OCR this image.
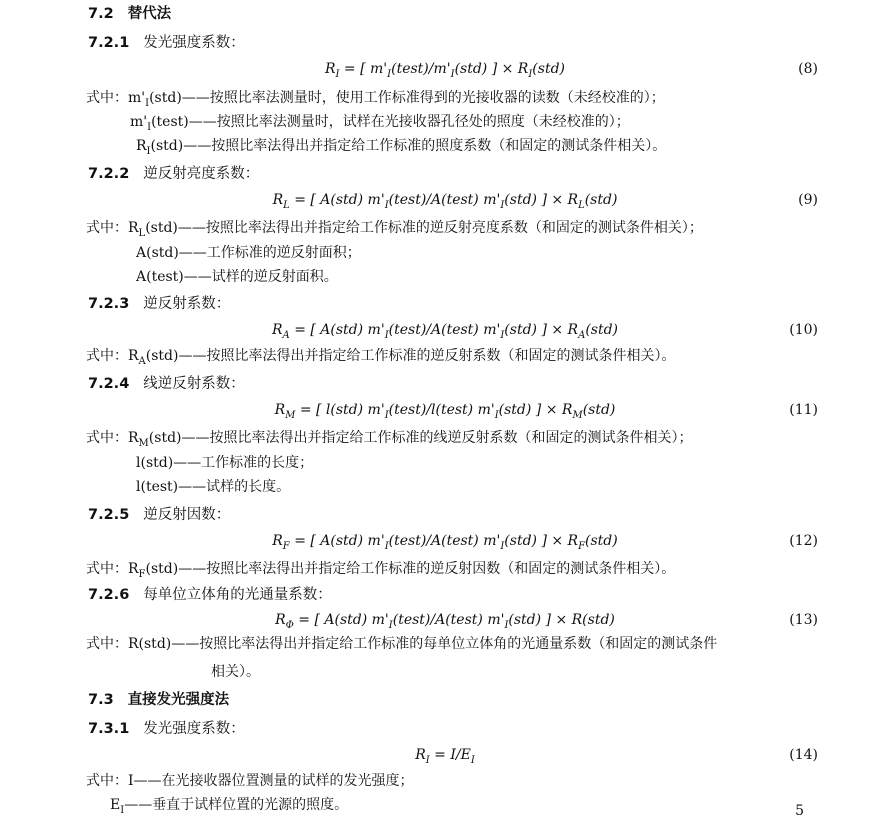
7.2 替代法
7.2.1 发光强度系数：
$R_I$ = [ $m'_I(test)/m'_I(std)$ ] × $R_I(std)$	(8)
式中：$m'_I(std)——$按照比率法测量时，使用工作标准得到的光接收器的读数（未经校准的）；
$m'_I(test)——$按照比率法测量时，试样在光接收器孔径处的照度（未经校准的）；
$R_I(std)——$按照比率法得出并指定给工作标准的照度系数（和固定的测试条件相关）。
7.2.2 逆反射亮度系数：
$R_L$ = [ A(std) $m'_I(test)/A(test)$ $m'_I(std)$ ] × $R_L(std)$	(9)
式中：$R_L(std)——$按照比率法得出并指定给工作标准的逆反射亮度系数（和固定的测试条件相关）；
A(std)——工作标准的逆反射面积；
A(test)——试样的逆反射面积。
7.2.3 逆反射系数：
$R_A$ = [ A(std) $m'_I(test)/A(test)$ $m'_I(std)$ ] × $R_A(std)$	(10)
式中：$R_A(std)——$按照比率法得出并指定给工作标准的逆反射系数（和固定的测试条件相关）。
7.2.4 线逆反射系数：
$R_M$ = [ l(std) $m'_I(test)/l(test)$ $m'_I(std)$ ] × $R_M(std)$	(11)
式中：$R_M(std)——$按照比率法得出并指定给工作标准的线逆反射系数（和固定的测试条件相关）；
l(std)——工作标准的长度；
l(test)——试样的长度。
7.2.5 逆反射因数：
$R_F$ = [ A(std) $m'_I(test)/A(test)$ $m'_I(std)$ ] × $R_F(std)$	(12)
式中：$R_F(std)——$按照比率法得出并指定给工作标准的逆反射因数（和固定的测试条件相关）。
7.2.6 每单位立体角的光通量系数：
$R_\Phi$ = [ A(std) $m'_I(test)/A(test)$ $m'_I(std)$ ] × R(std)	(13)
式中：R(std)——按照比率法得出并指定给工作标准的每单位立体角的光通量系数（和固定的测试条件
相关）。
7.3 直接发光强度法
7.3.1 发光强度系数：
$R_I = I/E_I$	(14)
式中：I——在光接收器位置测量的试样的发光强度；
$E_I——$垂直于试样位置的光源的照度。	5
